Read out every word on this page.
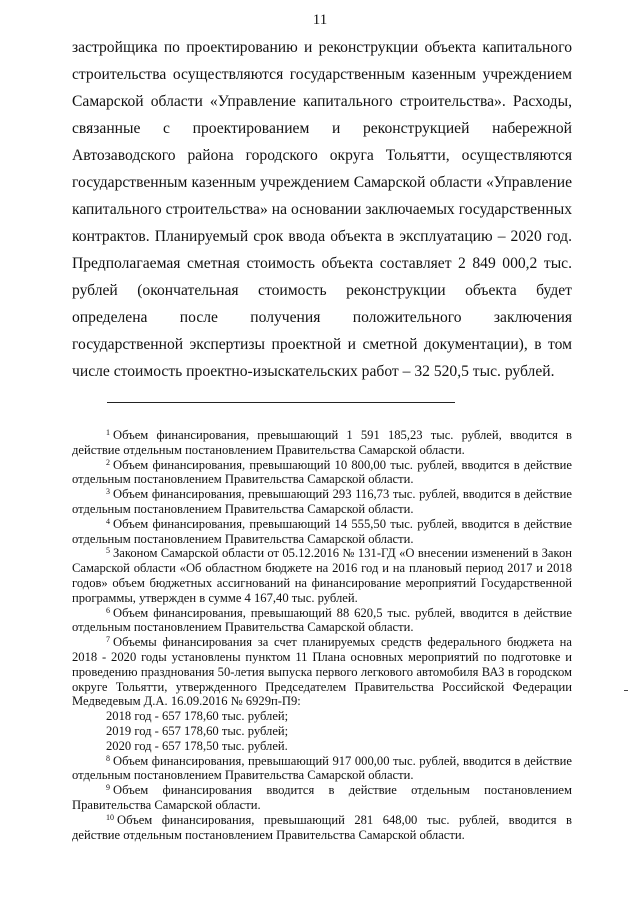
11

застройщика по проектированию и реконструкции объекта капитального строительства осуществляются государственным казенным учреждением Самарской области «Управление капитального строительства». Расходы, связанные с проектированием и реконструкцией набережной Автозаводского района городского округа Тольятти, осуществляются государственным казенным учреждением Самарской области «Управление капитального строительства» на основании заключаемых государственных контрактов. Планируемый срок ввода объекта в эксплуатацию – 2020 год. Предполагаемая сметная стоимость объекта составляет 2 849 000,2 тыс. рублей (окончательная стоимость реконструкции объекта будет определена после получения положительного заключения государственной экспертизы проектной и сметной документации), в том числе стоимость проектно-изыскательских работ – 32 520,5 тыс. рублей.

$^1$ Объем финансирования, превышающий 1 591 185,23 тыс. рублей, вводится в действие отдельным постановлением Правительства Самарской области.

$^2$ Объем финансирования, превышающий 10 800,00 тыс. рублей, вводится в действие отдельным постановлением Правительства Самарской области.

$^3$ Объем финансирования, превышающий 293 116,73 тыс. рублей, вводится в действие отдельным постановлением Правительства Самарской области.

$^4$ Объем финансирования, превышающий 14 555,50 тыс. рублей, вводится в действие отдельным постановлением Правительства Самарской области.

$^5$ Законом Самарской области от 05.12.2016 № 131-ГД «О внесении изменений в Закон Самарской области «Об областном бюджете на 2016 год и на плановый период 2017 и 2018 годов» объем бюджетных ассигнований на финансирование мероприятий Государственной программы, утвержден в сумме 4 167,40 тыс. рублей.

$^6$ Объем финансирования, превышающий 88 620,5 тыс. рублей, вводится в действие отдельным постановлением Правительства Самарской области.

$^7$ Объемы финансирования за счет планируемых средств федерального бюджета на 2018 - 2020 годы установлены пунктом 11 Плана основных мероприятий по подготовке и проведению празднования 50-летия выпуска первого легкового автомобиля ВАЗ в городском округе Тольятти, утвержденного Председателем Правительства Российской Федерации Медведевым Д.А. 16.09.2016 № 6929п-П9:

2018 год - 657 178,60 тыс. рублей;
2019 год - 657 178,60 тыс. рублей;
2020 год - 657 178,50 тыс. рублей.

$^8$ Объем финансирования, превышающий 917 000,00 тыс. рублей, вводится в действие отдельным постановлением Правительства Самарской области.

$^9$ Объем финансирования вводится в действие отдельным постановлением Правительства Самарской области.

$^{10}$ Объем финансирования, превышающий 281 648,00 тыс. рублей, вводится в действие отдельным постановлением Правительства Самарской области.
